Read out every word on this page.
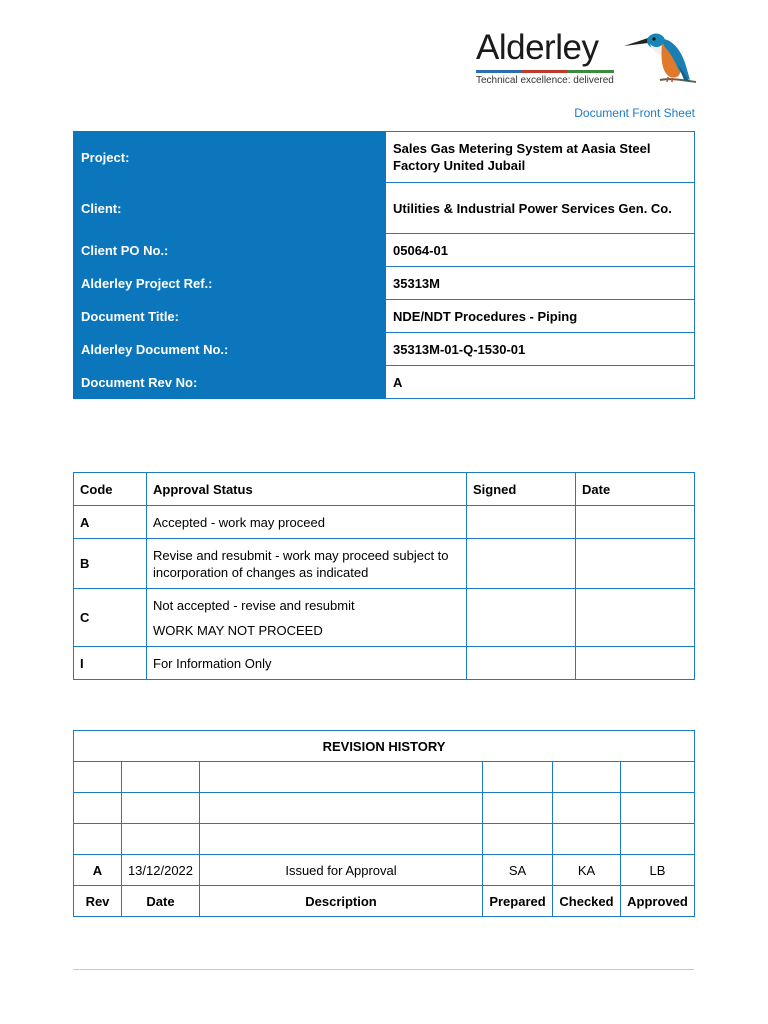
Alderley
Technical excellence: delivered
Document Front Sheet
Project:	Sales Gas Metering System at Aasia Steel Factory United Jubail
Client:	Utilities & Industrial Power Services Gen. Co.
Client PO No.:	05064-01
Alderley Project Ref.:	35313M
Document Title:	NDE/NDT Procedures - Piping
Alderley Document No.:	35313M-01-Q-1530-01
Document Rev No:	A
Code	Approval Status	Signed	Date
A	Accepted - work may proceed		
B	Revise and resubmit - work may proceed subject to incorporation of changes as indicated		
C	Not accepted - revise and resubmit
WORK MAY NOT PROCEED		

I	For Information Only		
REVISION HISTORY					

A	13/12/2022	Issued for Approval	SA	KA	LB
Rev	Date	Description	Prepared	Checked	Approved
